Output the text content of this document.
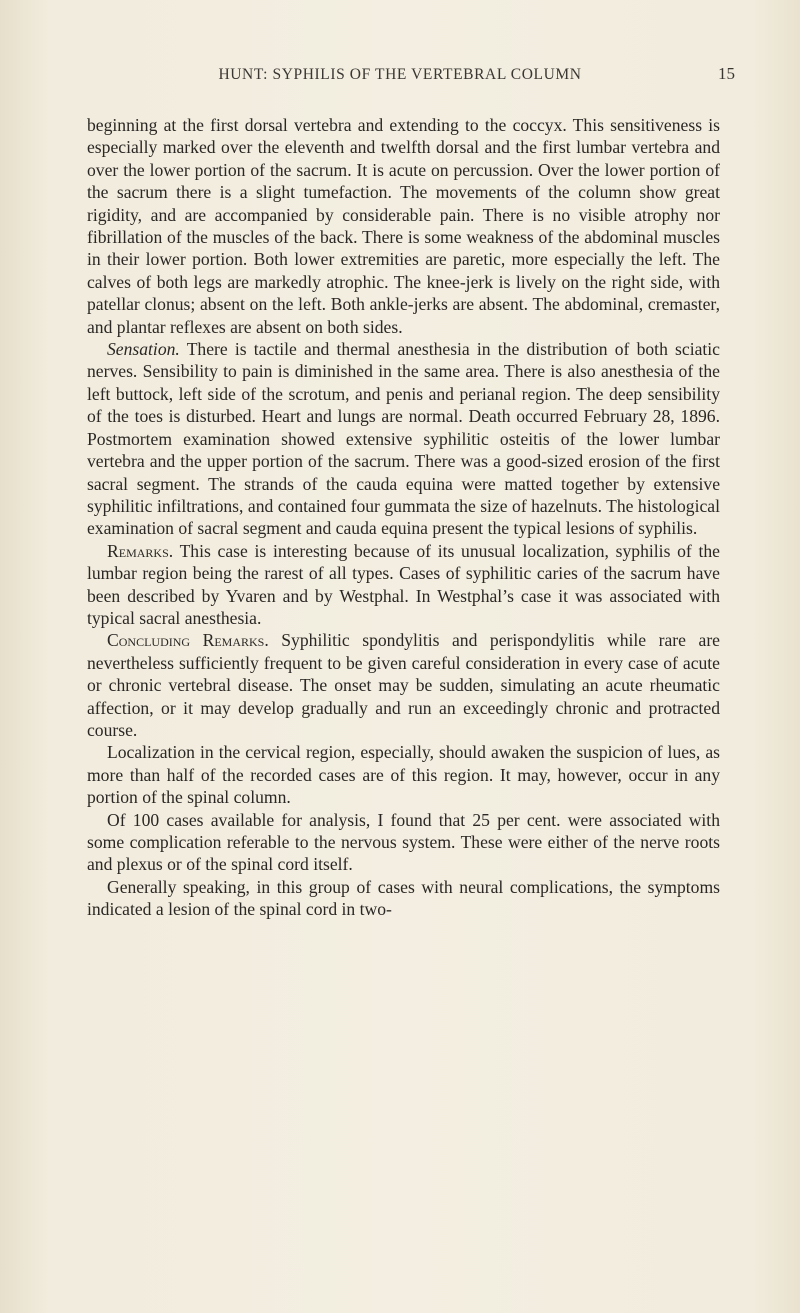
HUNT: SYPHILIS OF THE VERTEBRAL COLUMN	15

beginning at the first dorsal vertebra and extending to the coccyx. This sensitiveness is especially marked over the eleventh and twelfth dorsal and the first lumbar vertebra and over the lower portion of the sacrum. It is acute on percussion. Over the lower portion of the sacrum there is a slight tumefaction. The movements of the column show great rigidity, and are accompanied by considerable pain. There is no visible atrophy nor fibrillation of the muscles of the back. There is some weakness of the abdominal muscles in their lower portion. Both lower extremities are paretic, more especially the left. The calves of both legs are markedly atrophic. The knee-jerk is lively on the right side, with patellar clonus; absent on the left. Both ankle-jerks are absent. The abdominal, cremaster, and plantar reflexes are absent on both sides.

Sensation. There is tactile and thermal anesthesia in the distribution of both sciatic nerves. Sensibility to pain is diminished in the same area. There is also anesthesia of the left buttock, left side of the scrotum, and penis and perianal region. The deep sensibility of the toes is disturbed. Heart and lungs are normal. Death occurred February 28, 1896. Postmortem examination showed extensive syphilitic osteitis of the lower lumbar vertebra and the upper portion of the sacrum. There was a good-sized erosion of the first sacral segment. The strands of the cauda equina were matted together by extensive syphilitic infiltrations, and contained four gummata the size of hazelnuts. The histological examination of sacral segment and cauda equina present the typical lesions of syphilis.

Remarks. This case is interesting because of its unusual localization, syphilis of the lumbar region being the rarest of all types. Cases of syphilitic caries of the sacrum have been described by Yvaren and by Westphal. In Westphal’s case it was associated with typical sacral anesthesia.

Concluding Remarks. Syphilitic spondylitis and perispondylitis while rare are nevertheless sufficiently frequent to be given careful consideration in every case of acute or chronic vertebral disease. The onset may be sudden, simulating an acute rheumatic affection, or it may develop gradually and run an exceedingly chronic and protracted course.

Localization in the cervical region, especially, should awaken the suspicion of lues, as more than half of the recorded cases are of this region. It may, however, occur in any portion of the spinal column.

Of 100 cases available for analysis, I found that 25 per cent. were associated with some complication referable to the nervous system. These were either of the nerve roots and plexus or of the spinal cord itself.

Generally speaking, in this group of cases with neural complications, the symptoms indicated a lesion of the spinal cord in two-
